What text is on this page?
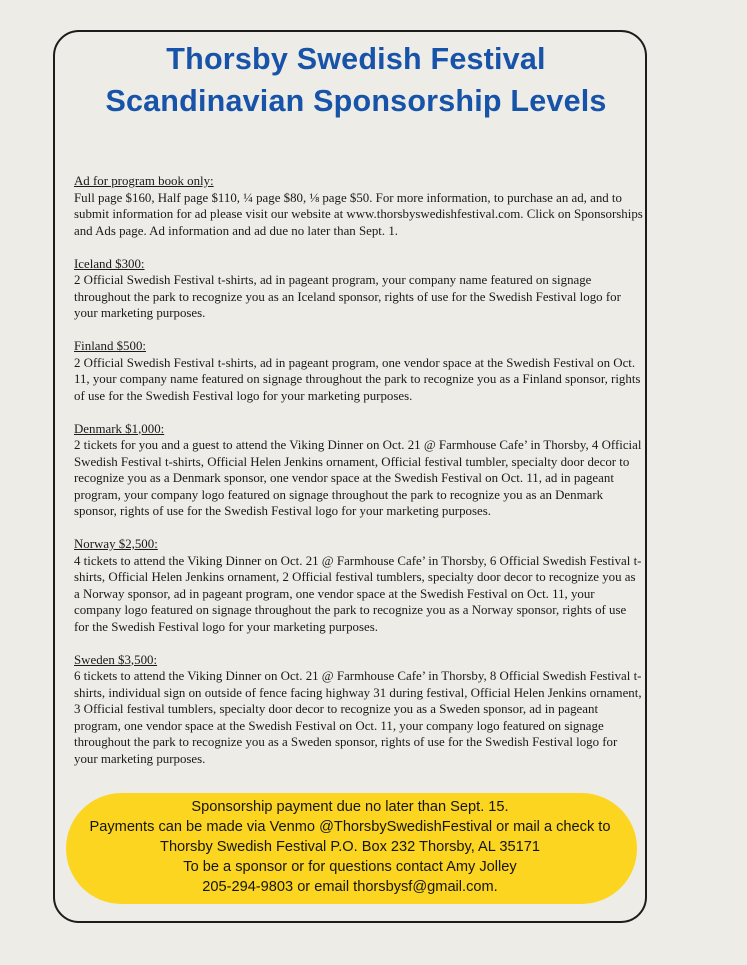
Thorsby Swedish Festival
Scandinavian Sponsorship Levels
Ad for program book only:
Full page $160, Half page $110, ¼ page $80, ⅛ page $50. For more information, to purchase an ad, and to submit information for ad please visit our website at www.thorsbyswedishfestival.com. Click on Sponsorships and Ads page. Ad information and ad due no later than Sept. 1.
Iceland $300:
2 Official Swedish Festival t-shirts, ad in pageant program, your company name featured on signage throughout the park to recognize you as an Iceland sponsor, rights of use for the Swedish Festival logo for your marketing purposes.
Finland $500:
2 Official Swedish Festival t-shirts, ad in pageant program, one vendor space at the Swedish Festival on Oct. 11, your company name featured on signage throughout the park to recognize you as a Finland sponsor, rights of use for the Swedish Festival logo for your marketing purposes.
Denmark $1,000:
2 tickets for you and a guest to attend the Viking Dinner on Oct. 21 @ Farmhouse Cafe’ in Thorsby, 4 Official Swedish Festival t-shirts, Official Helen Jenkins ornament, Official festival tumbler, specialty door decor to recognize you as a Denmark sponsor, one vendor space at the Swedish Festival on Oct. 11, ad in pageant program, your company logo featured on signage throughout the park to recognize you as an Denmark sponsor, rights of use for the Swedish Festival logo for your marketing purposes.
Norway $2,500:
4 tickets to attend the Viking Dinner on Oct. 21 @ Farmhouse Cafe’ in Thorsby, 6 Official Swedish Festival t-shirts, Official Helen Jenkins ornament, 2 Official festival tumblers, specialty door decor to recognize you as a Norway sponsor, ad in pageant program, one vendor space at the Swedish Festival on Oct. 11, your company logo featured on signage throughout the park to recognize you as a Norway sponsor, rights of use for the Swedish Festival logo for your marketing purposes.
Sweden $3,500:
6 tickets to attend the Viking Dinner on Oct. 21 @ Farmhouse Cafe’ in Thorsby, 8 Official Swedish Festival t-shirts, individual sign on outside of fence facing highway 31 during festival, Official Helen Jenkins ornament, 3 Official festival tumblers, specialty door decor to recognize you as a Sweden sponsor, ad in pageant program, one vendor space at the Swedish Festival on Oct. 11, your company logo featured on signage throughout the park to recognize you as a Sweden sponsor, rights of use for the Swedish Festival logo for your marketing purposes.
Sponsorship payment due no later than Sept. 15.
Payments can be made via Venmo @ThorsbySwedishFestival or mail a check to
Thorsby Swedish Festival P.O. Box 232 Thorsby, AL 35171
To be a sponsor or for questions contact Amy Jolley
205-294-9803 or email thorsbysf@gmail.com.
